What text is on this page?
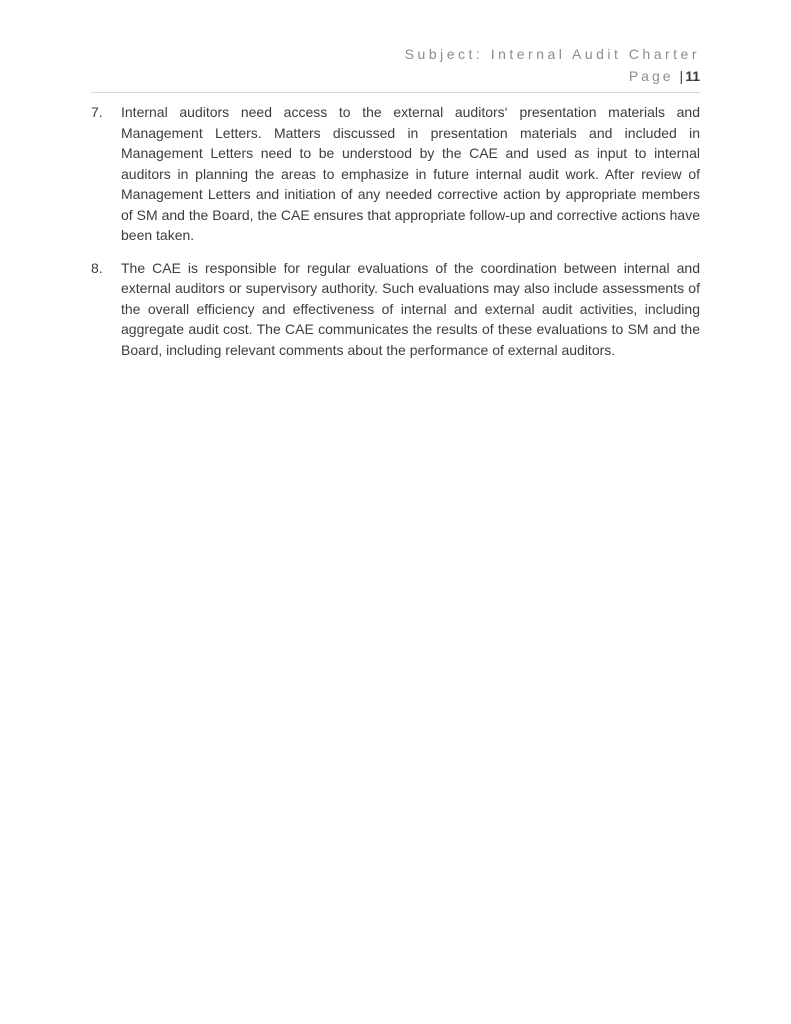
Subject: Internal Audit Charter
Page | 11
7.	Internal auditors need access to the external auditors‘ presentation materials and Management Letters. Matters discussed in presentation materials and included in Management Letters need to be understood by the CAE and used as input to internal auditors in planning the areas to emphasize in future internal audit work. After review of Management Letters and initiation of any needed corrective action by appropriate members of SM and the Board, the CAE ensures that appropriate follow-up and corrective actions have been taken.

8.	The CAE is responsible for regular evaluations of the coordination between internal and external auditors or supervisory authority. Such evaluations may also include assessments of the overall efficiency and effectiveness of internal and external audit activities, including aggregate audit cost. The CAE communicates the results of these evaluations to SM and the Board, including relevant comments about the performance of external auditors.
